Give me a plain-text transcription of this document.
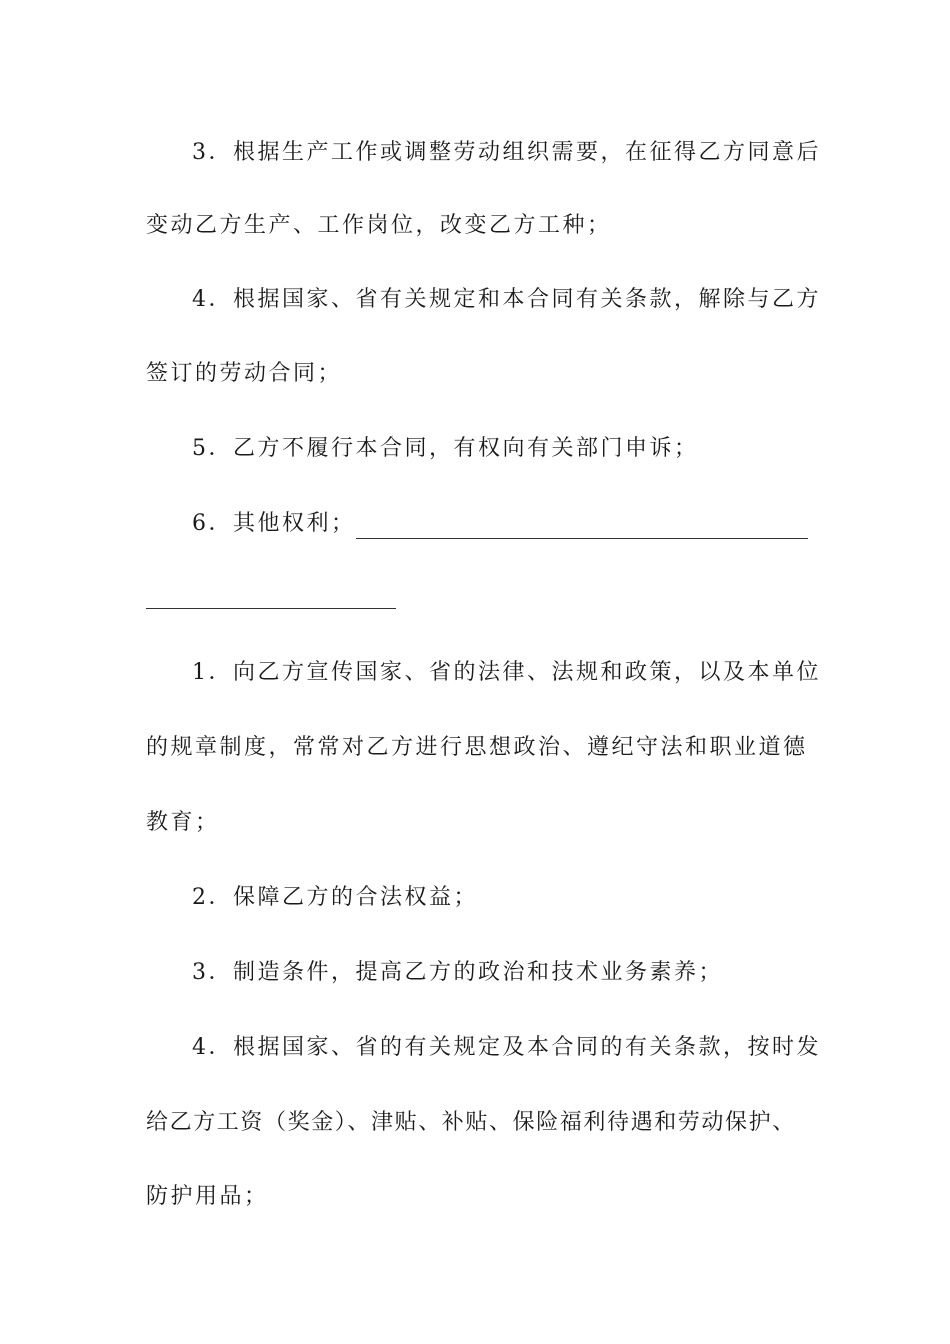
3．根据生产工作或调整劳动组织需要，在征得乙方同意后
变动乙方生产、工作岗位，改变乙方工种；
4．根据国家、省有关规定和本合同有关条款，解除与乙方
签订的劳动合同；
5．乙方不履行本合同，有权向有关部门申诉；
6．其他权利；
1．向乙方宣传国家、省的法律、法规和政策，以及本单位
的规章制度，常常对乙方进行思想政治、遵纪守法和职业道德
教育；
2．保障乙方的合法权益；
3．制造条件，提高乙方的政治和技术业务素养；
4．根据国家、省的有关规定及本合同的有关条款，按时发
给乙方工资（奖金）、津贴、补贴、保险福利待遇和劳动保护、
防护用品；
